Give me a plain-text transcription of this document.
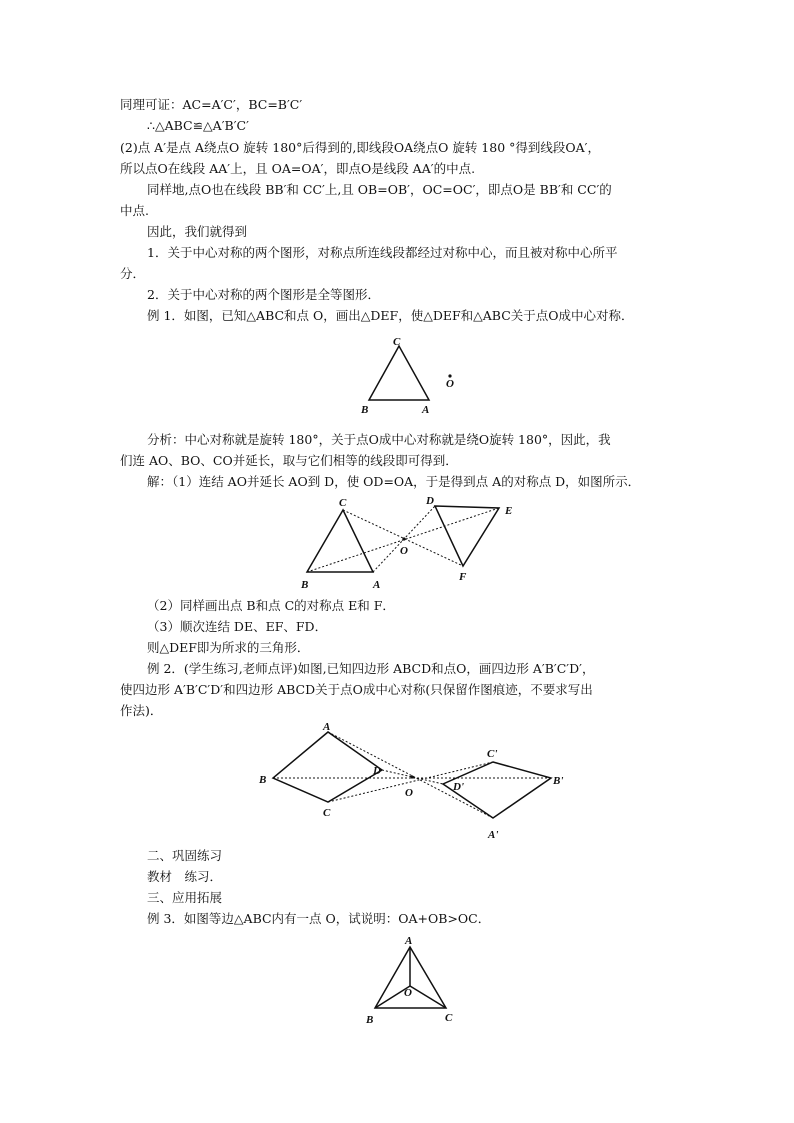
同理可证：AC=A′C′，BC=B′C′
∴△ABC≌△A′B′C′
(2)点 A′是点 A绕点O 旋转 180°后得到的,即线段OA绕点O 旋转 180 °得到线段OA′，
所以点O在线段 AA′上，且 OA=OA′，即点O是线段 AA′的中点.
同样地,点O也在线段 BB′和 CC′上,且 OB=OB′，OC=OC′，即点O是 BB′和 CC′的
中点.
因此，我们就得到
1．关于中心对称的两个图形，对称点所连线段都经过对称中心，而且被对称中心所平
分．
2．关于中心对称的两个图形是全等图形．
例 1．如图，已知△ABC和点 O，画出△DEF，使△DEF和△ABC关于点O成中心对称．
C
B	A
O
分析：中心对称就是旋转 180°，关于点O成中心对称就是绕O旋转 180°，因此，我
们连 AO、BO、CO并延长，取与它们相等的线段即可得到．
解：（1）连结 AO并延长 AO到 D，使 OD=OA，于是得到点 A的对称点 D，如图所示．
C
B	A
D
E
F
O
（2）同样画出点 B和点 C的对称点 E和 F．
（3）顺次连结 DE、EF、FD．
则△DEF即为所求的三角形．
例 2．(学生练习,老师点评)如图,已知四边形 ABCD和点O，画四边形 A′B′C′D′，
使四边形 A′B′C′D′和四边形 ABCD关于点O成中心对称(只保留作图痕迹，不要求写出
作法)．
A
B
C
D
O
C'
B'
A'
D'
二、巩固练习
教材　练习．
三、应用拓展
例 3．如图等边△ABC内有一点 O，试说明：OA+OB>OC．
A
B	C
O
